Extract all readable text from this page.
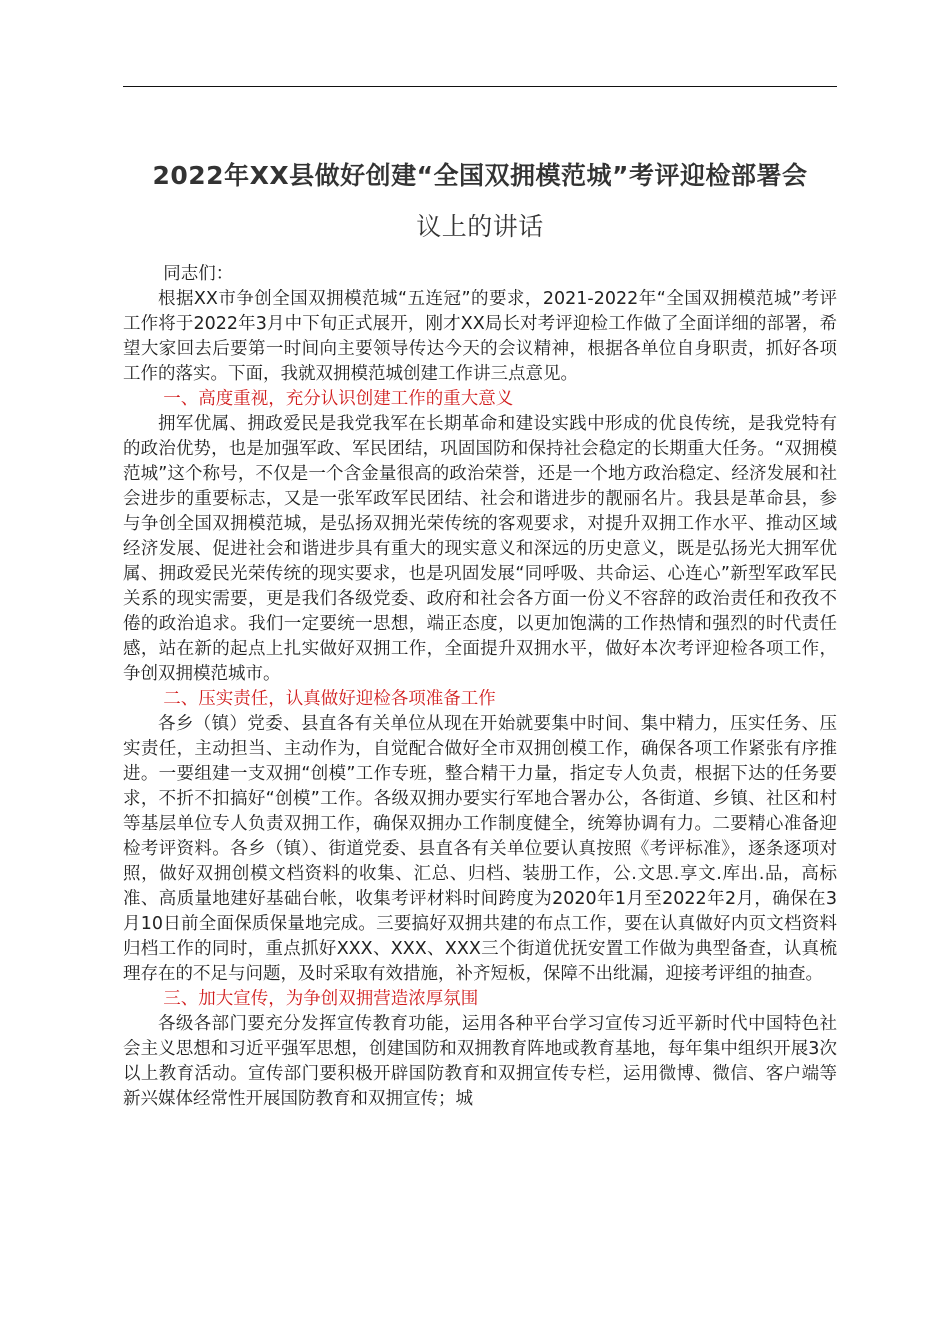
2022年XX县做好创建“全国双拥模范城”考评迎检部署会
议上的讲话

同志们：

根据XX市争创全国双拥模范城“五连冠”的要求，2021-2022年“全国双拥模范城”考评工作将于2022年3月中下旬正式展开，刚才XX局长对考评迎检工作做了全面详细的部署，希望大家回去后要第一时间向主要领导传达今天的会议精神，根据各单位自身职责，抓好各项工作的落实。下面，我就双拥模范城创建工作讲三点意见。

一、高度重视，充分认识创建工作的重大意义

拥军优属、拥政爱民是我党我军在长期革命和建设实践中形成的优良传统，是我党特有的政治优势，也是加强军政、军民团结，巩固国防和保持社会稳定的长期重大任务。“双拥模范城”这个称号，不仅是一个含金量很高的政治荣誉，还是一个地方政治稳定、经济发展和社会进步的重要标志，又是一张军政军民团结、社会和谐进步的靓丽名片。我县是革命县，参与争创全国双拥模范城，是弘扬双拥光荣传统的客观要求，对提升双拥工作水平、推动区域经济发展、促进社会和谐进步具有重大的现实意义和深远的历史意义，既是弘扬光大拥军优属、拥政爱民光荣传统的现实要求，也是巩固发展“同呼吸、共命运、心连心”新型军政军民关系的现实需要，更是我们各级党委、政府和社会各方面一份义不容辞的政治责任和孜孜不倦的政治追求。我们一定要统一思想，端正态度，以更加饱满的工作热情和强烈的时代责任感，站在新的起点上扎实做好双拥工作，全面提升双拥水平，做好本次考评迎检各项工作，争创双拥模范城市。

二、压实责任，认真做好迎检各项准备工作

各乡（镇）党委、县直各有关单位从现在开始就要集中时间、集中精力，压实任务、压实责任，主动担当、主动作为，自觉配合做好全市双拥创模工作，确保各项工作紧张有序推进。一要组建一支双拥“创模”工作专班，整合精干力量，指定专人负责，根据下达的任务要求，不折不扣搞好“创模”工作。各级双拥办要实行军地合署办公，各街道、乡镇、社区和村等基层单位专人负责双拥工作，确保双拥办工作制度健全，统筹协调有力。二要精心准备迎检考评资料。各乡（镇）、街道党委、县直各有关单位要认真按照《考评标准》，逐条逐项对照，做好双拥创模文档资料的收集、汇总、归档、装册工作，公.文思.享文.库出.品，高标准、高质量地建好基础台帐，收集考评材料时间跨度为2020年1月至2022年2月，确保在3月10日前全面保质保量地完成。三要搞好双拥共建的布点工作，要在认真做好内页文档资料归档工作的同时，重点抓好XXX、XXX、XXX三个街道优抚安置工作做为典型备查，认真梳理存在的不足与问题，及时采取有效措施，补齐短板，保障不出纰漏，迎接考评组的抽查。

三、加大宣传，为争创双拥营造浓厚氛围

各级各部门要充分发挥宣传教育功能，运用各种平台学习宣传习近平新时代中国特色社会主义思想和习近平强军思想，创建国防和双拥教育阵地或教育基地，每年集中组织开展3次以上教育活动。宣传部门要积极开辟国防教育和双拥宣传专栏，运用微博、微信、客户端等新兴媒体经常性开展国防教育和双拥宣传；城
